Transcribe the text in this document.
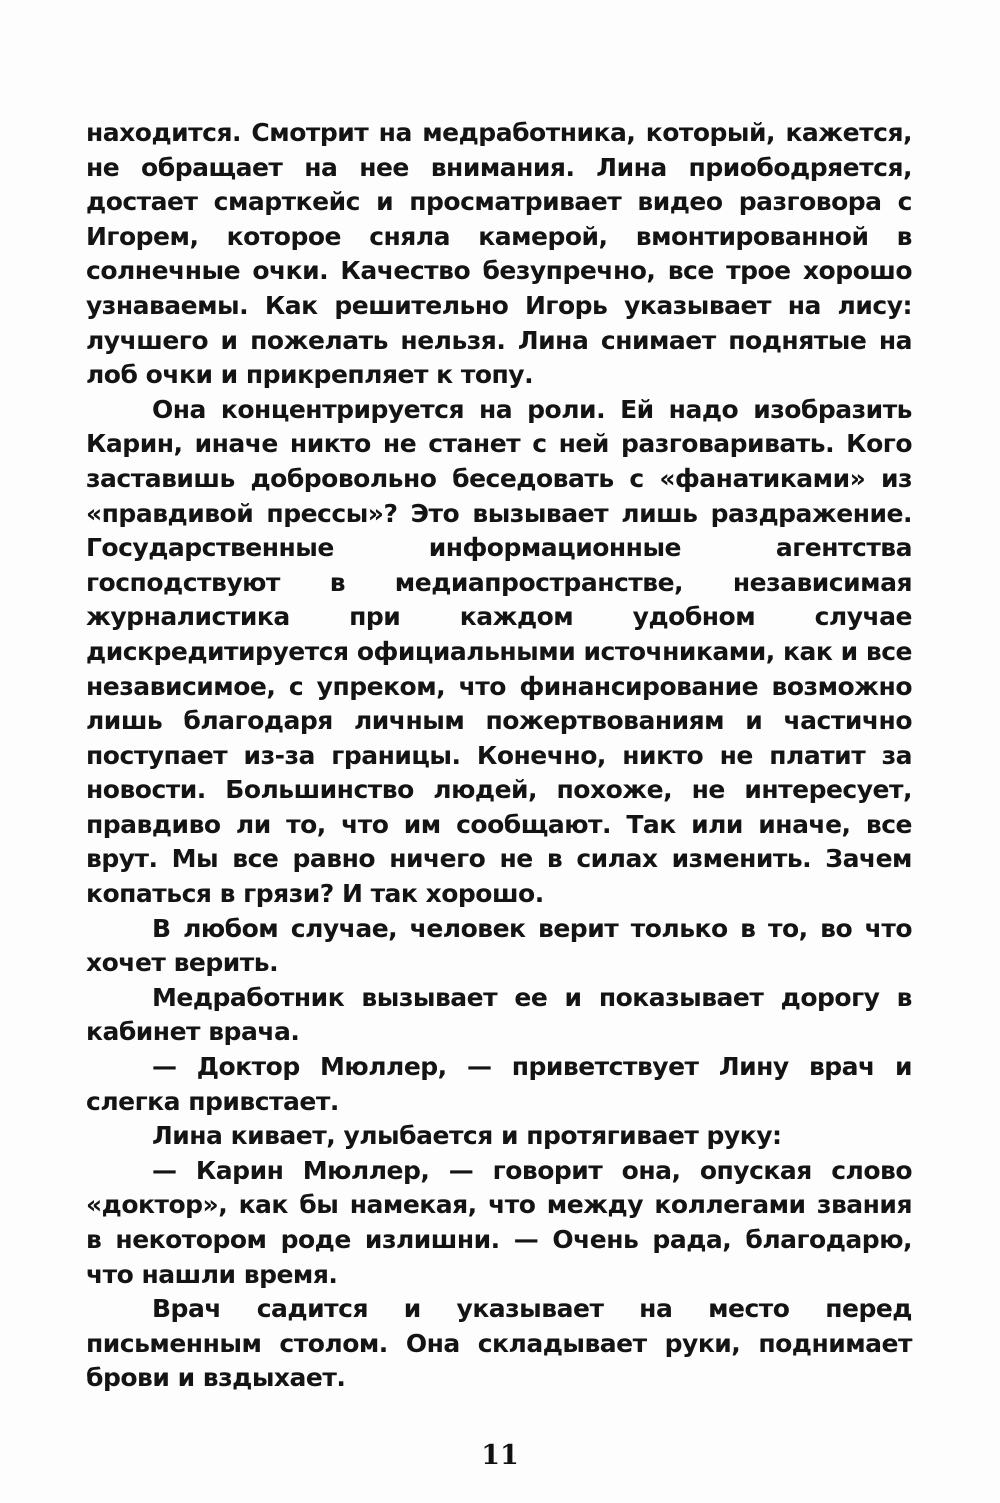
находится. Смотрит на медработника, который, кажется, не обращает на нее внимания. Лина приободряется, достает смарткейс и просматривает видео разговора с Игорем, которое сняла камерой, вмонтированной в солнечные очки. Качество безупречно, все трое хорошо узнаваемы. Как решительно Игорь указывает на лису: лучшего и пожелать нельзя. Лина снимает поднятые на лоб очки и прикрепляет к топу.

Она концентрируется на роли. Ей надо изобразить Карин, иначе никто не станет с ней разговаривать. Кого заставишь добровольно беседовать с «фанатиками» из «правдивой прессы»? Это вызывает лишь раздражение. Государственные информационные агентства господствуют в медиапространстве, независимая журналистика при каждом удобном случае дискредитируется официальными источниками, как и все независимое, с упреком, что финансирование возможно лишь благодаря личным пожертвованиям и частично поступает из-за границы. Конечно, никто не платит за новости. Большинство людей, похоже, не интересует, правдиво ли то, что им сообщают. Так или иначе, все врут. Мы все равно ничего не в силах изменить. Зачем копаться в грязи? И так хорошо.

В любом случае, человек верит только в то, во что хочет верить.

Медработник вызывает ее и показывает дорогу в кабинет врача.

— Доктор Мюллер, — приветствует Лину врач и слегка привстает.

Лина кивает, улыбается и протягивает руку:

— Карин Мюллер, — говорит она, опуская слово «доктор», как бы намекая, что между коллегами звания в некотором роде излишни. — Очень рада, благодарю, что нашли время.

Врач садится и указывает на место перед письменным столом. Она складывает руки, поднимает брови и вздыхает.

11
